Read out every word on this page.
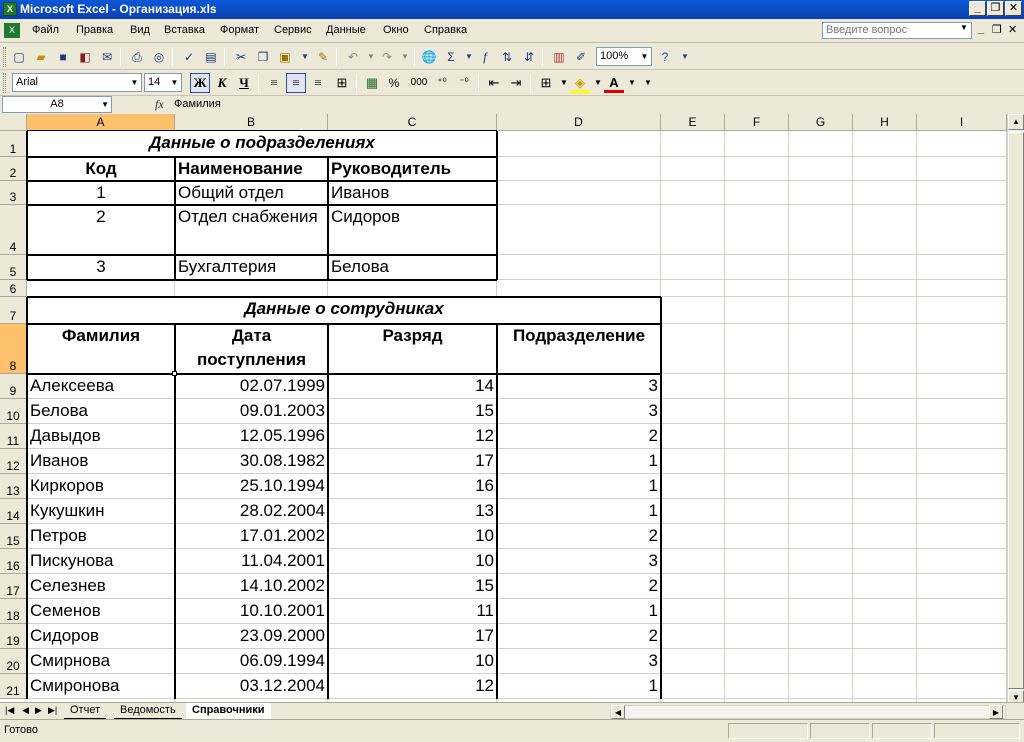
X Microsoft Excel - Организация.xls	_ ❐ ✕
X	Файл Правка Вид Вставка Формат Сервис Данные Окно Справка	Введите вопрос	▼ _ ❐ ✕
▢ ▰	■	◧ ✉	⎙ ◎	✓ ▤	✂ ❐ ▣	▼ ✎	↶	▼ ↷	▼	🌐 Σ	▼ ƒ	⇅ ⇵	▥ ✐	100% ▼	?	▼
Arial	▼ 14 ▼ Ж К Ч	≡	≡	≡	⊞	▦ %	000	⁺⁰	⁻⁰	⇤ ⇥	⊞	▼ ◈	▼ A	▼	▼
A8	▼	fx Фамилия
A	B	C	D	E	F	G	H	I
1
2
3
4
5
6
7
8
9
10
11
12
13
14
15
16
17
18
19
20
21
Данные о подразделениях
Код	Наименование	Руководитель
1	Общий отдел	Иванов
2	Отдел снабжения Сидоров
3	Бухгалтерия	Белова
Данные о сотрудниках
Фамилия	Дата поступления
Разряд	Подразделение
Алексеева	02.07.1999	14	3
Белова	09.01.2003	15	3
Давыдов	12.05.1996	12	2
Иванов	30.08.1982	17	1
Киркоров	25.10.1994	16	1
Кукушкин	28.02.2004	13	1
Петров	17.01.2002	10	2
Пискунова	11.04.2001	10	3
Селезнев	14.10.2002	15	2
Семенов	10.10.2001	11	1
Сидоров	23.09.2000	17	2
Смирнова	06.09.1994	10	3
Смиронова	03.12.2004	12	1
▲
▼
|◀ ◀ ▶ ▶|	Отчет	Ведомость	Справочники	◀	▶
Готово
